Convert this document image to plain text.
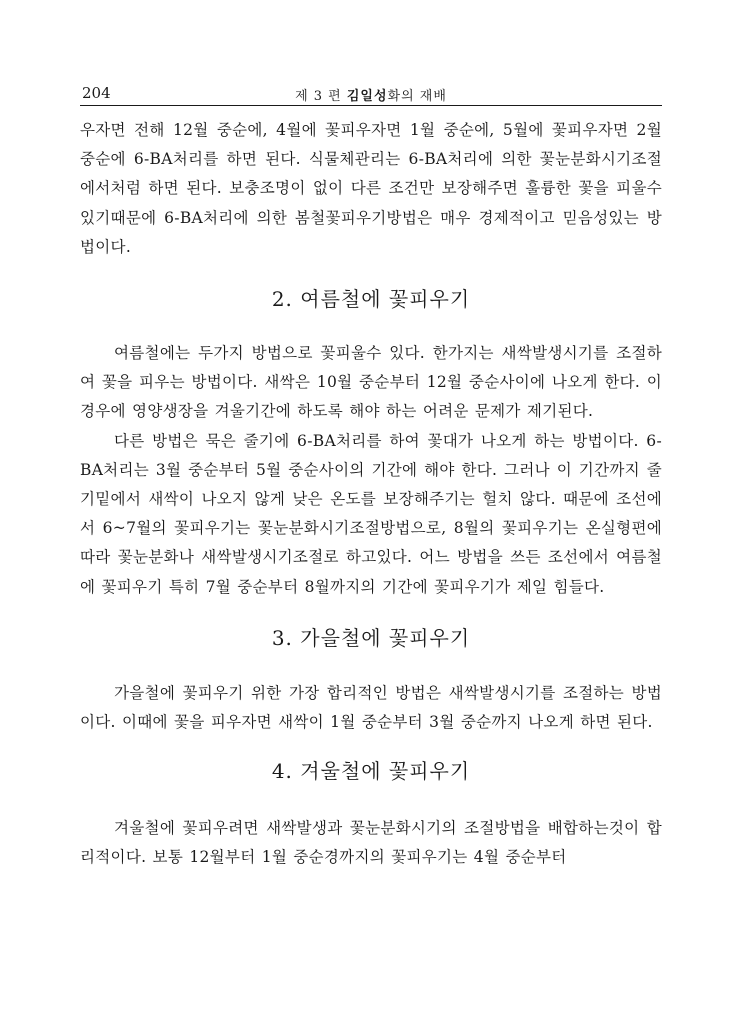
204	제 3 편 김일성화의 재배

우자면 전해 12월 중순에, 4월에 꽃피우자면 1월 중순에, 5월에 꽃피우자면 2월 중순에 6-BA처리를 하면 된다. 식물체관리는 6-BA처리에 의한 꽃눈분화시기조절에서처럼 하면 된다. 보충조명이 없이 다른 조건만 보장해주면 훌륭한 꽃을 피울수 있기때문에 6-BA처리에 의한 봄철꽃피우기방법은 매우 경제적이고 믿음성있는 방법이다.

2. 여름철에 꽃피우기

여름철에는 두가지 방법으로 꽃피울수 있다. 한가지는 새싹발생시기를 조절하여 꽃을 피우는 방법이다. 새싹은 10월 중순부터 12월 중순사이에 나오게 한다. 이 경우에 영양생장을 겨울기간에 하도록 해야 하는 어려운 문제가 제기된다.

다른 방법은 묵은 줄기에 6-BA처리를 하여 꽃대가 나오게 하는 방법이다. 6-BA처리는 3월 중순부터 5월 중순사이의 기간에 해야 한다. 그러나 이 기간까지 줄기밑에서 새싹이 나오지 않게 낮은 온도를 보장해주기는 헐치 않다. 때문에 조선에서 6~7월의 꽃피우기는 꽃눈분화시기조절방법으로, 8월의 꽃피우기는 온실형편에 따라 꽃눈분화나 새싹발생시기조절로 하고있다. 어느 방법을 쓰든 조선에서 여름철에 꽃피우기 특히 7월 중순부터 8월까지의 기간에 꽃피우기가 제일 힘들다.

3. 가을철에 꽃피우기

가을철에 꽃피우기 위한 가장 합리적인 방법은 새싹발생시기를 조절하는 방법이다. 이때에 꽃을 피우자면 새싹이 1월 중순부터 3월 중순까지 나오게 하면 된다.

4. 겨울철에 꽃피우기

겨울철에 꽃피우려면 새싹발생과 꽃눈분화시기의 조절방법을 배합하는것이 합리적이다. 보통 12월부터 1월 중순경까지의 꽃피우기는 4월 중순부터
